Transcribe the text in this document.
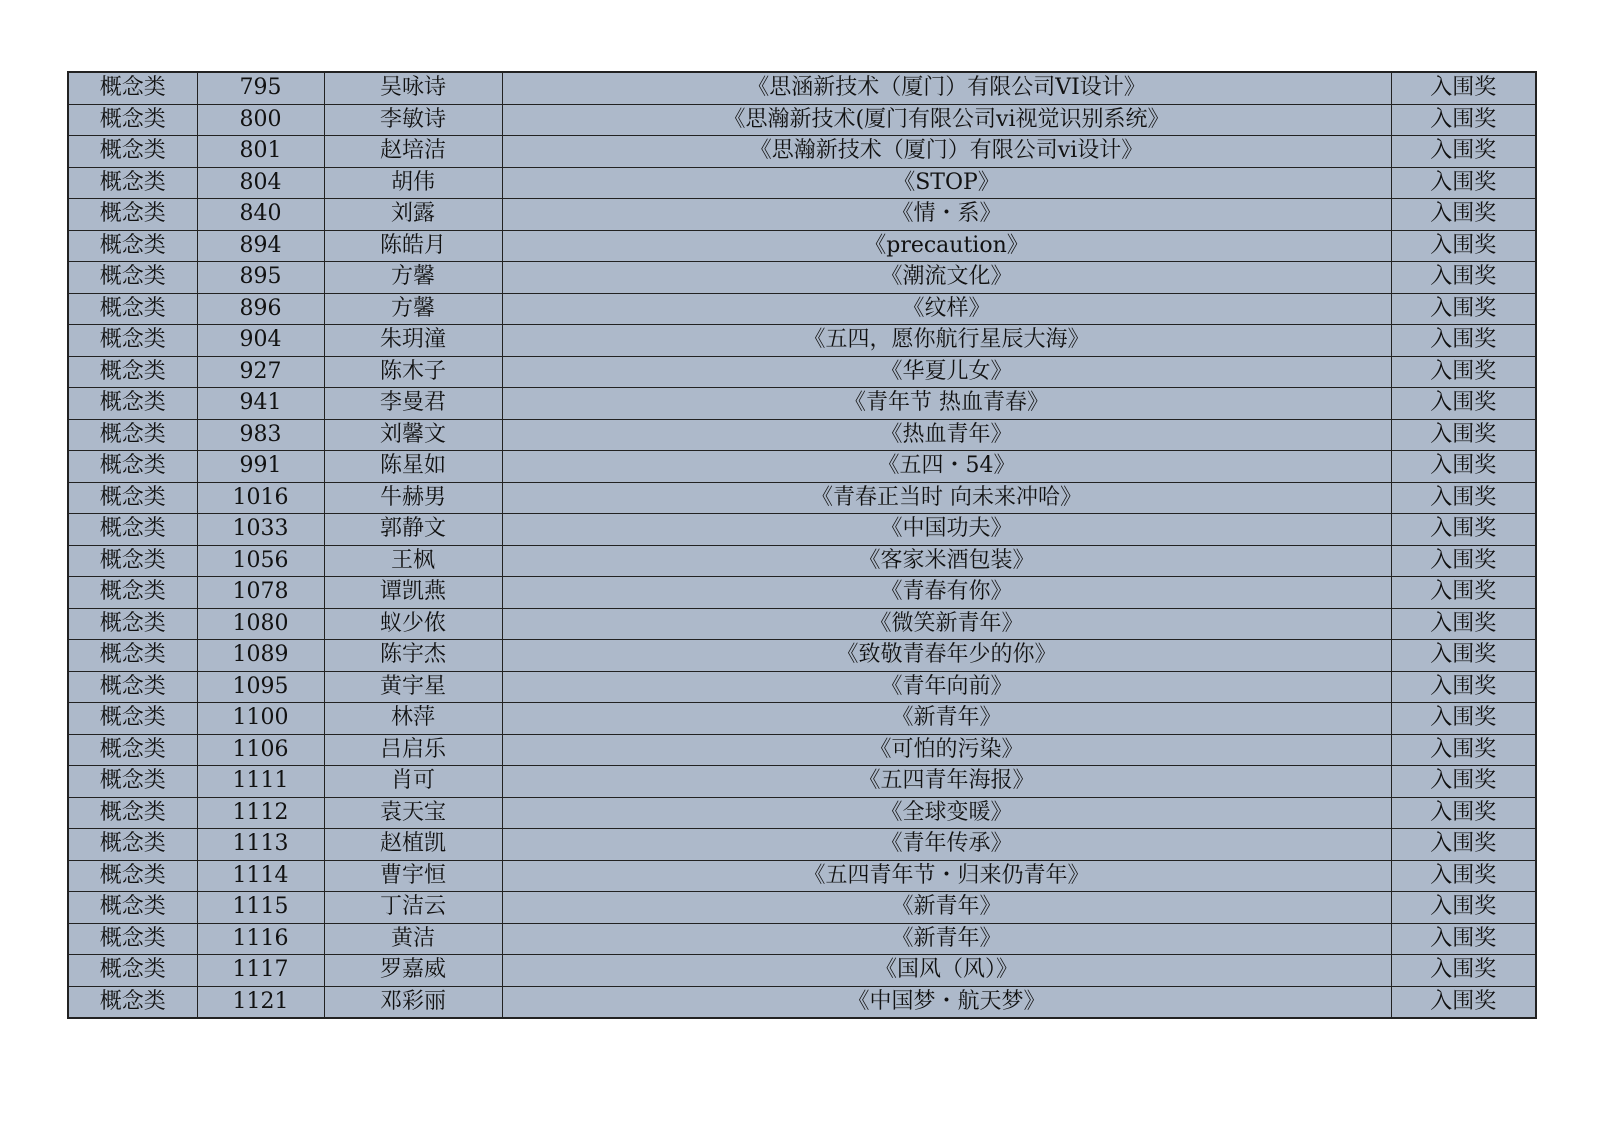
概念类	795	吴咏诗	《思涵新技术（厦门）有限公司VI设计》	入围奖
概念类	800	李敏诗	《思瀚新技术(厦门有限公司vi视觉识别系统》	入围奖
概念类	801	赵培洁	《思瀚新技术（厦门）有限公司vi设计》	入围奖
概念类	804	胡伟	《STOP》	入围奖
概念类	840	刘露	《情・系》	入围奖
概念类	894	陈皓月	《precaution》	入围奖
概念类	895	方馨	《潮流文化》	入围奖
概念类	896	方馨	《纹样》	入围奖
概念类	904	朱玥潼	《五四，愿你航行星辰大海》	入围奖
概念类	927	陈木子	《华夏儿女》	入围奖
概念类	941	李曼君	《青年节 热血青春》	入围奖
概念类	983	刘馨文	《热血青年》	入围奖
概念类	991	陈星如	《五四・54》	入围奖
概念类	1016	牛赫男	《青春正当时 向未来冲哈》	入围奖
概念类	1033	郭静文	《中国功夫》	入围奖
概念类	1056	王枫	《客家米酒包装》	入围奖
概念类	1078	谭凯燕	《青春有你》	入围奖
概念类	1080	蚁少侬	《微笑新青年》	入围奖
概念类	1089	陈宇杰	《致敬青春年少的你》	入围奖
概念类	1095	黄宇星	《青年向前》	入围奖
概念类	1100	林萍	《新青年》	入围奖
概念类	1106	吕启乐	《可怕的污染》	入围奖
概念类	1111	肖可	《五四青年海报》	入围奖
概念类	1112	袁天宝	《全球变暖》	入围奖
概念类	1113	赵植凯	《青年传承》	入围奖
概念类	1114	曹宇恒	《五四青年节・归来仍青年》	入围奖
概念类	1115	丁洁云	《新青年》	入围奖
概念类	1116	黄洁	《新青年》	入围奖
概念类	1117	罗嘉威	《国风（风）》	入围奖
概念类	1121	邓彩丽	《中国梦・航天梦》	入围奖
